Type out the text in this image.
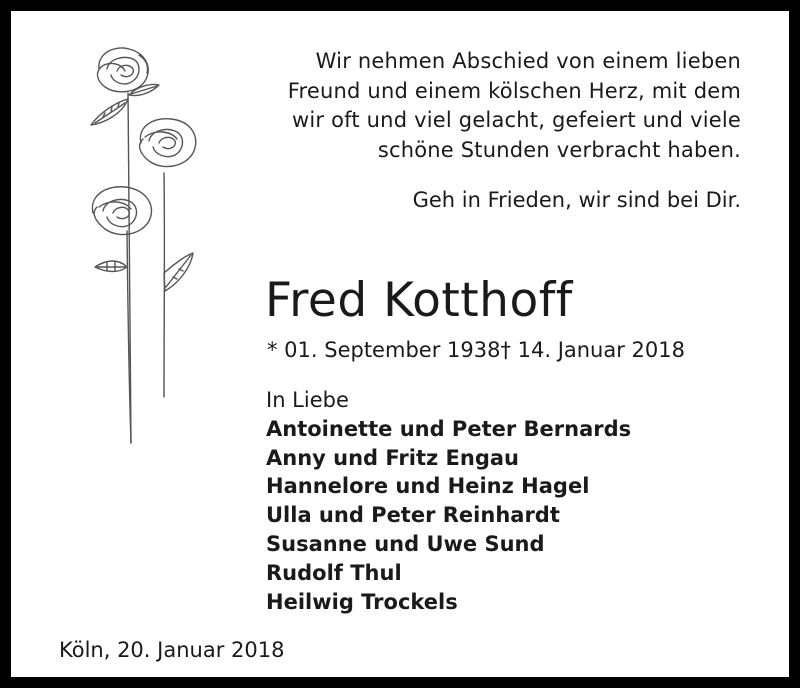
Wir nehmen Abschied von einem lieben
Freund und einem kölschen Herz, mit dem
wir oft und viel gelacht, gefeiert und viele
schöne Stunden verbracht haben.
Geh in Frieden, wir sind bei Dir.
Fred Kotthoff
* 01. September 1938† 14. Januar 2018
In Liebe
Antoinette und Peter Bernards
Anny und Fritz Engau
Hannelore und Heinz Hagel
Ulla und Peter Reinhardt
Susanne und Uwe Sund
Rudolf Thul
Heilwig Trockels
Köln, 20. Januar 2018
